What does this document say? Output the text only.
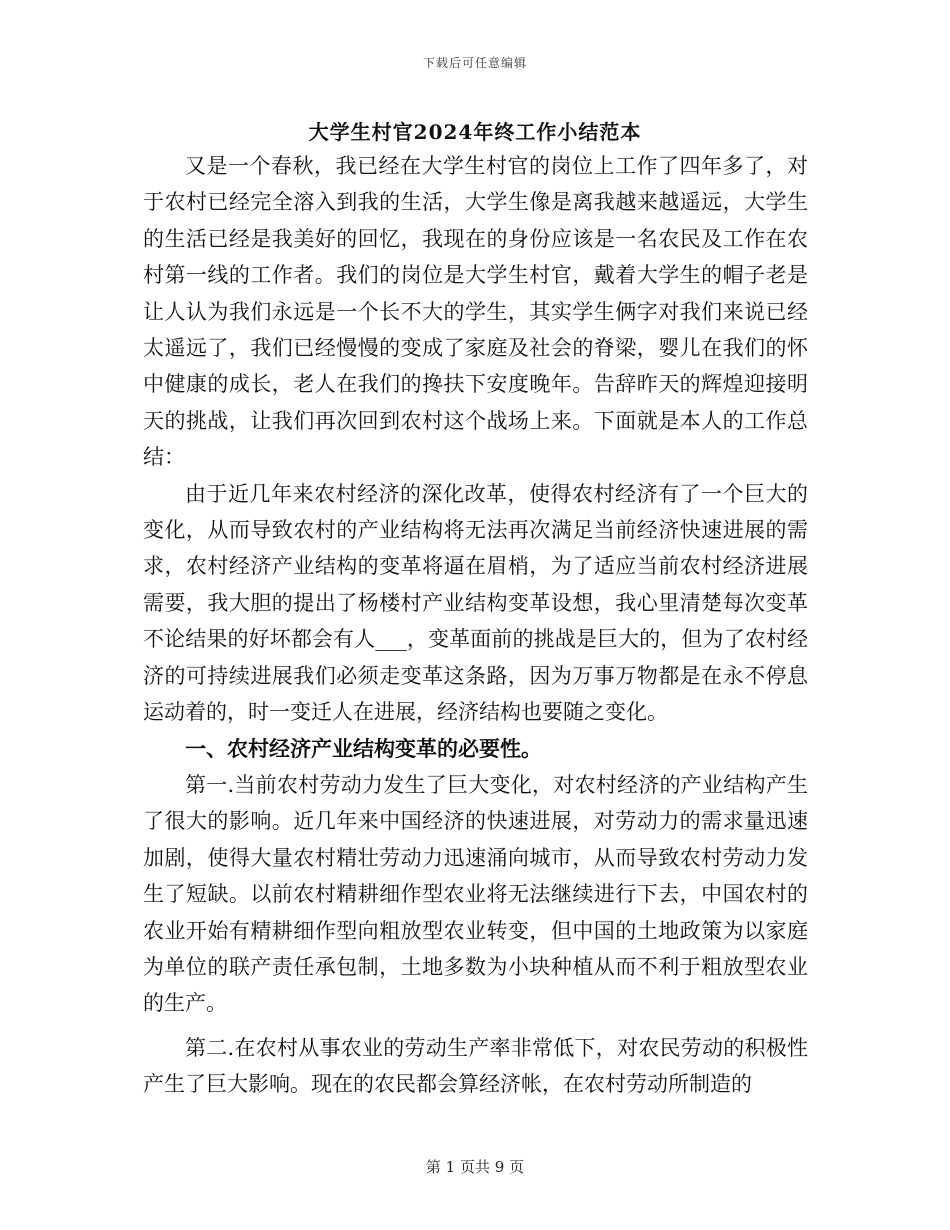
下载后可任意编辑
大学生村官2024年终工作小结范本

又是一个春秋，我已经在大学生村官的岗位上工作了四年多了，对于农村已经完全溶入到我的生活，大学生像是离我越来越遥远，大学生的生活已经是我美好的回忆，我现在的身份应该是一名农民及工作在农村第一线的工作者。我们的岗位是大学生村官，戴着大学生的帽子老是让人认为我们永远是一个长不大的学生，其实学生俩字对我们来说已经太遥远了，我们已经慢慢的变成了家庭及社会的脊梁，婴儿在我们的怀中健康的成长，老人在我们的搀扶下安度晚年。告辞昨天的辉煌迎接明天的挑战，让我们再次回到农村这个战场上来。下面就是本人的工作总结：

由于近几年来农村经济的深化改革，使得农村经济有了一个巨大的变化，从而导致农村的产业结构将无法再次满足当前经济快速进展的需求，农村经济产业结构的变革将逼在眉梢，为了适应当前农村经济进展需要，我大胆的提出了杨楼村产业结构变革设想，我心里清楚每次变革不论结果的好坏都会有人___，变革面前的挑战是巨大的，但为了农村经济的可持续进展我们必须走变革这条路，因为万事万物都是在永不停息运动着的，时一变迁人在进展，经济结构也要随之变化。

一、农村经济产业结构变革的必要性。

第一.当前农村劳动力发生了巨大变化，对农村经济的产业结构产生了很大的影响。近几年来中国经济的快速进展，对劳动力的需求量迅速加剧，使得大量农村精壮劳动力迅速涌向城市，从而导致农村劳动力发生了短缺。以前农村精耕细作型农业将无法继续进行下去，中国农村的农业开始有精耕细作型向粗放型农业转变，但中国的土地政策为以家庭为单位的联产责任承包制，土地多数为小块种植从而不利于粗放型农业的生产。

第二.在农村从事农业的劳动生产率非常低下，对农民劳动的积极性产生了巨大影响。现在的农民都会算经济帐，在农村劳动所制造的

第 1 页共 9 页
